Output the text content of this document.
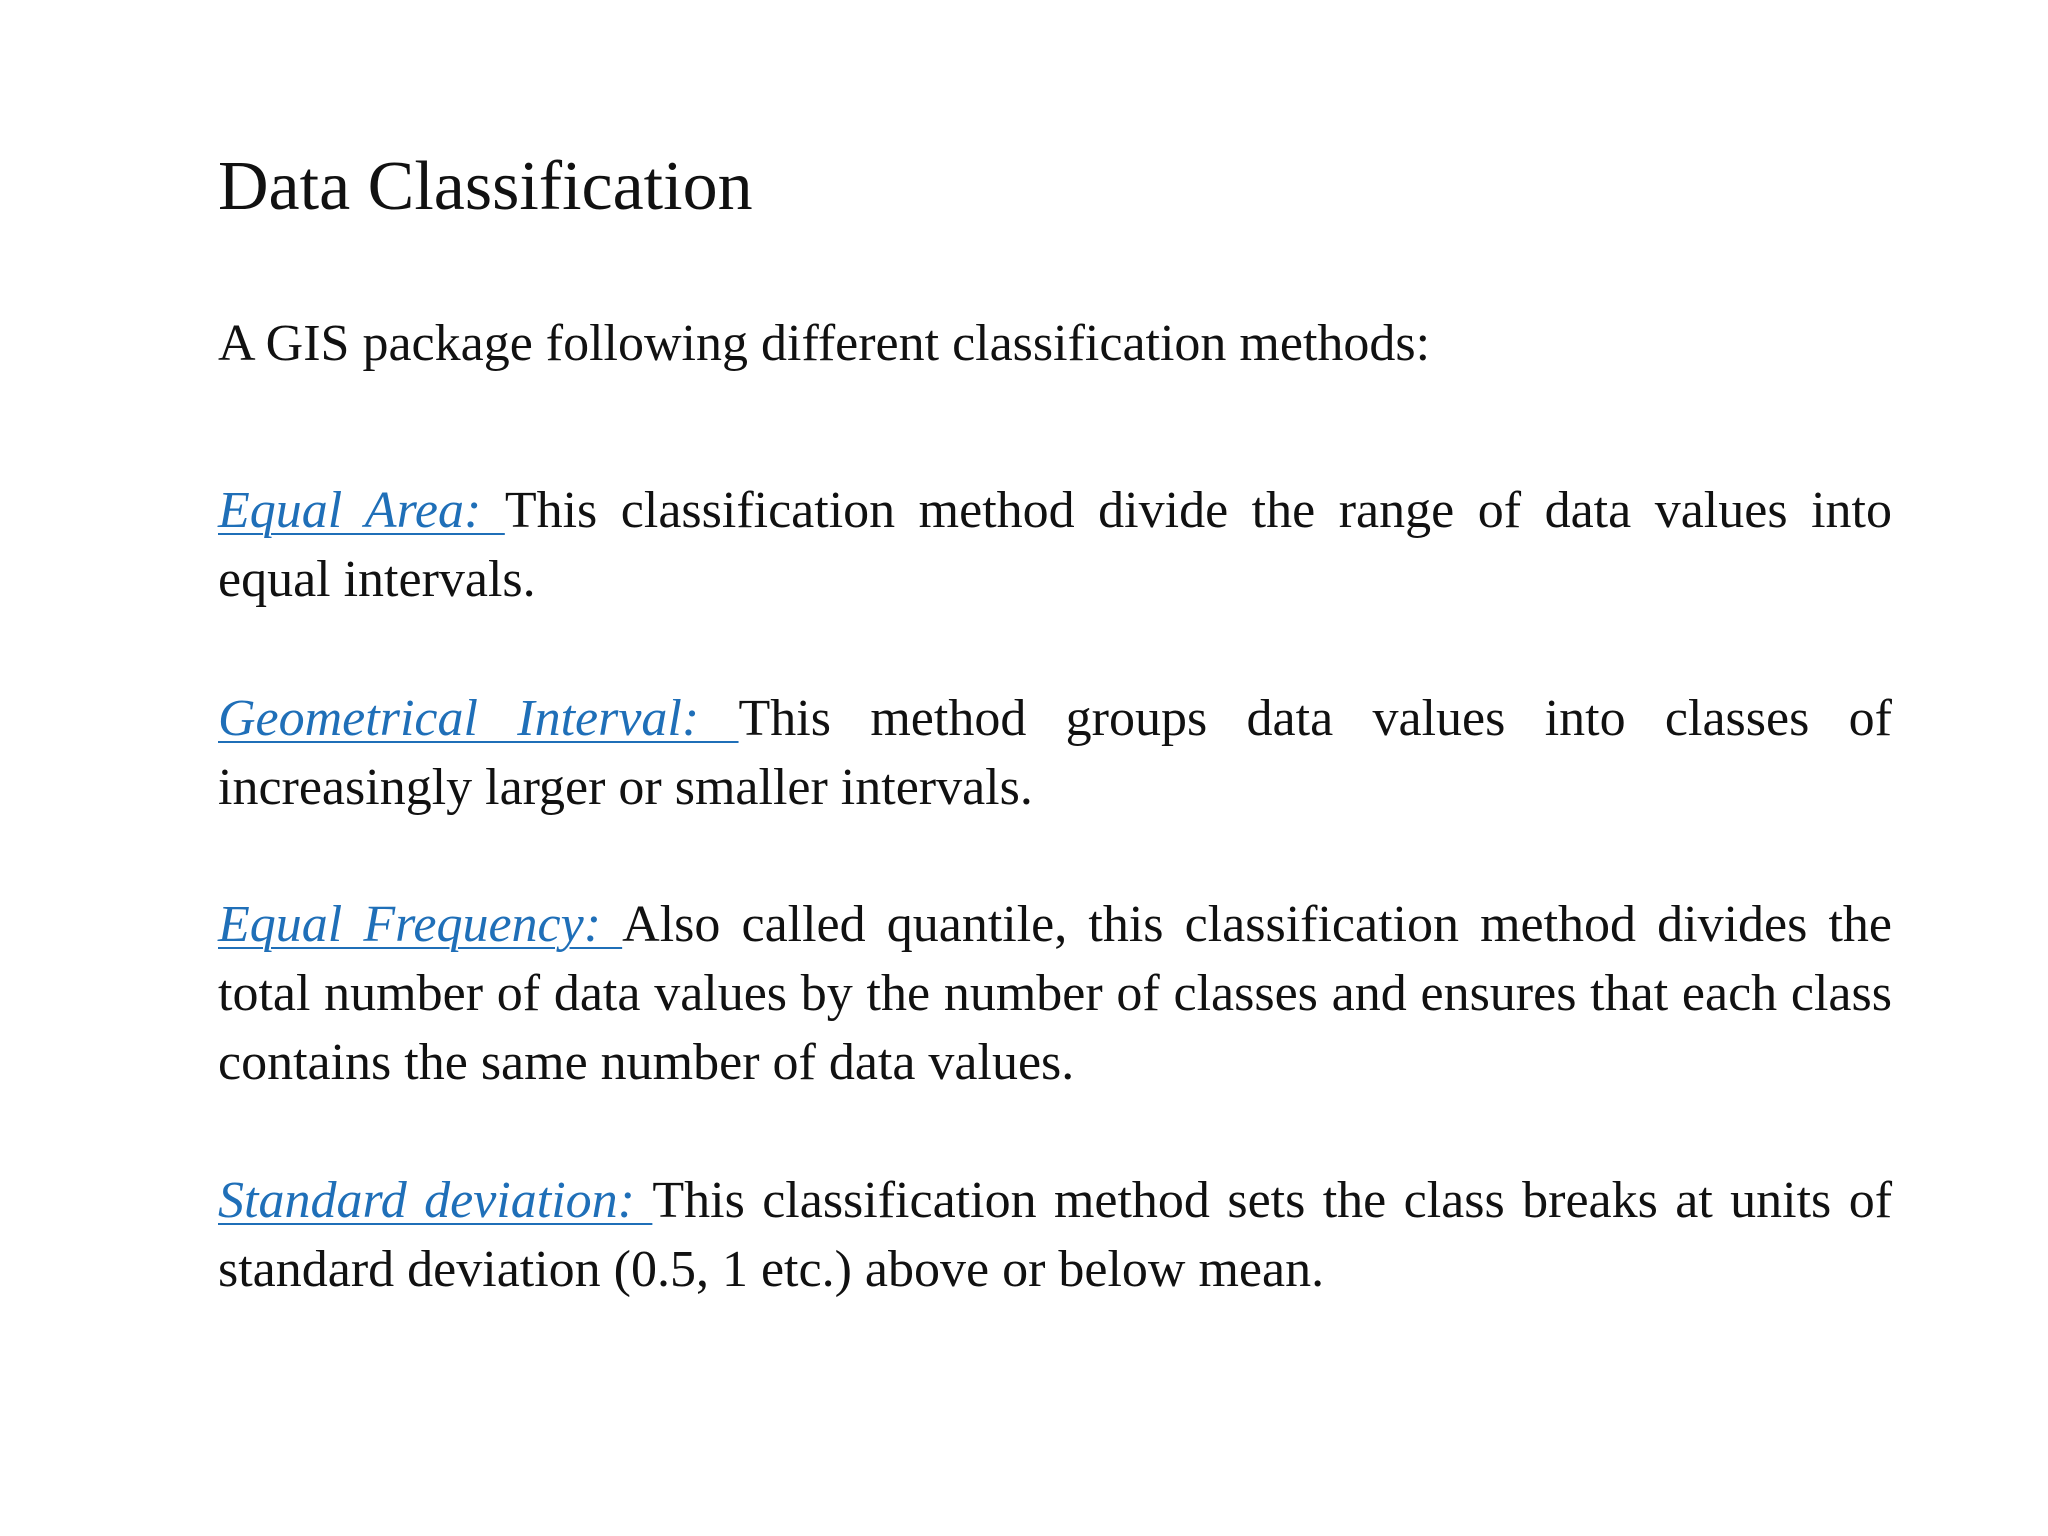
Data Classification

A GIS package following different classification methods:

Equal Area: This classification method divide the range of data values into equal intervals.

Geometrical Interval: This method groups data values into classes of increasingly larger or smaller intervals.

Equal Frequency: Also called quantile, this classification method divides the total number of data values by the number of classes and ensures that each class contains the same number of data values.

Standard deviation: This classification method sets the class breaks at units of standard deviation (0.5, 1 etc.) above or below mean.
